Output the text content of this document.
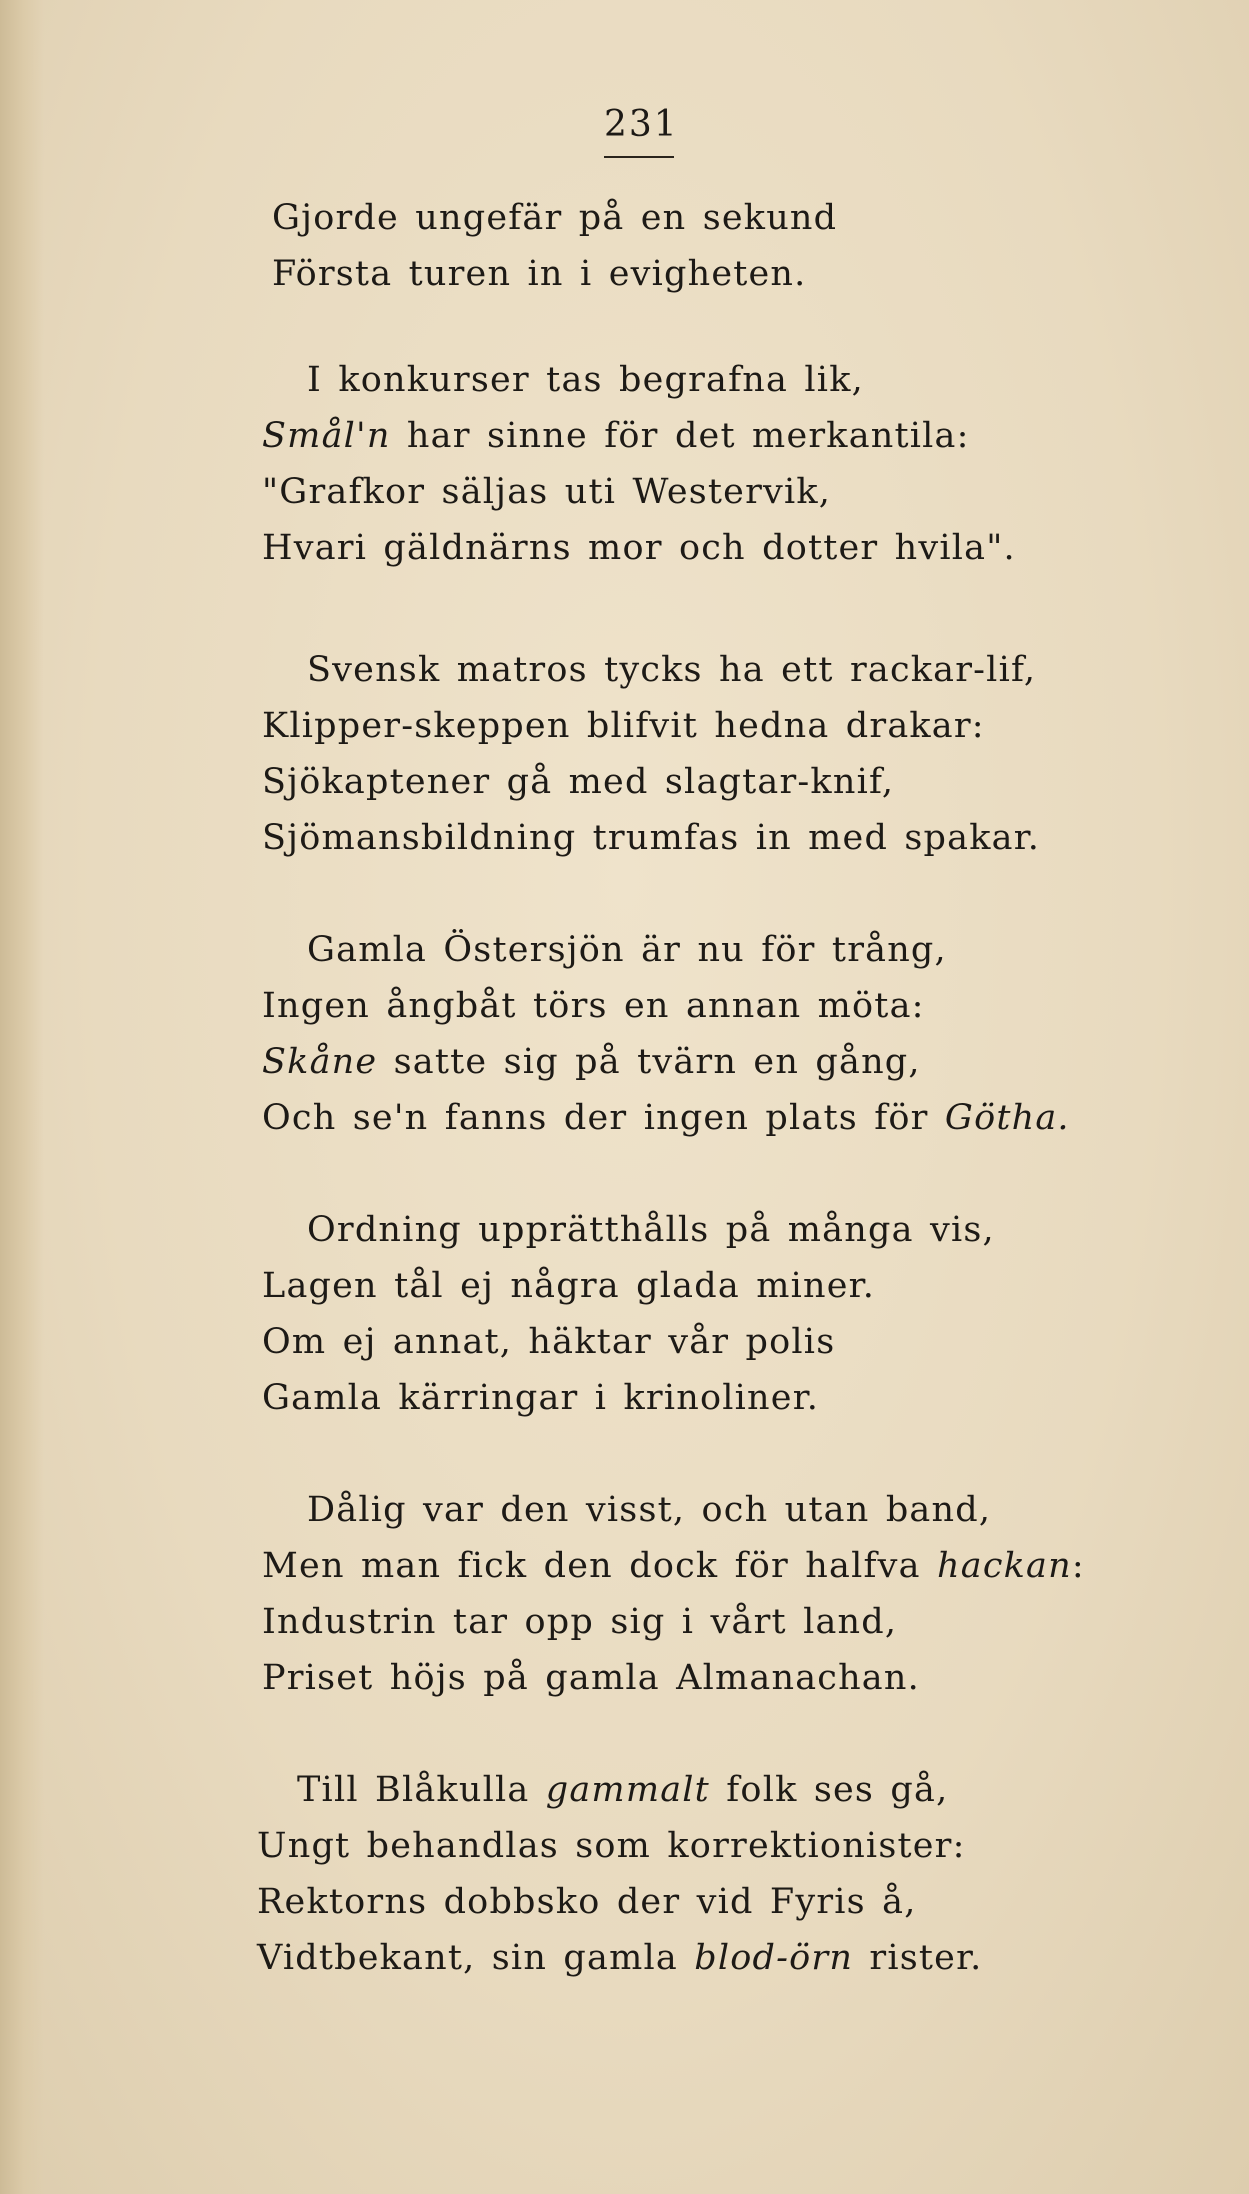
231
Gjorde ungefär på en sekund
Första turen in i evigheten.
I konkurser tas begrafna lik,
Smål'n har sinne för det merkantila:
"Grafkor säljas uti Westervik,
Hvari gäldnärns mor och dotter hvila".
Svensk matros tycks ha ett rackar-lif,
Klipper-skeppen blifvit hedna drakar:
Sjökaptener gå med slagtar-knif,
Sjömansbildning trumfas in med spakar.
Gamla Östersjön är nu för trång,
Ingen ångbåt törs en annan möta:
Skåne satte sig på tvärn en gång,
Och se'n fanns der ingen plats för Götha.
Ordning upprätthålls på många vis,
Lagen tål ej några glada miner.
Om ej annat, häktar vår polis
Gamla kärringar i krinoliner.
Dålig var den visst, och utan band,
Men man fick den dock för halfva hackan:
Industrin tar opp sig i vårt land,
Priset höjs på gamla Almanachan.
Till Blåkulla gammalt folk ses gå,
Ungt behandlas som korrektionister:
Rektorns dobbsko der vid Fyris å,
Vidtbekant, sin gamla blod-örn rister.
